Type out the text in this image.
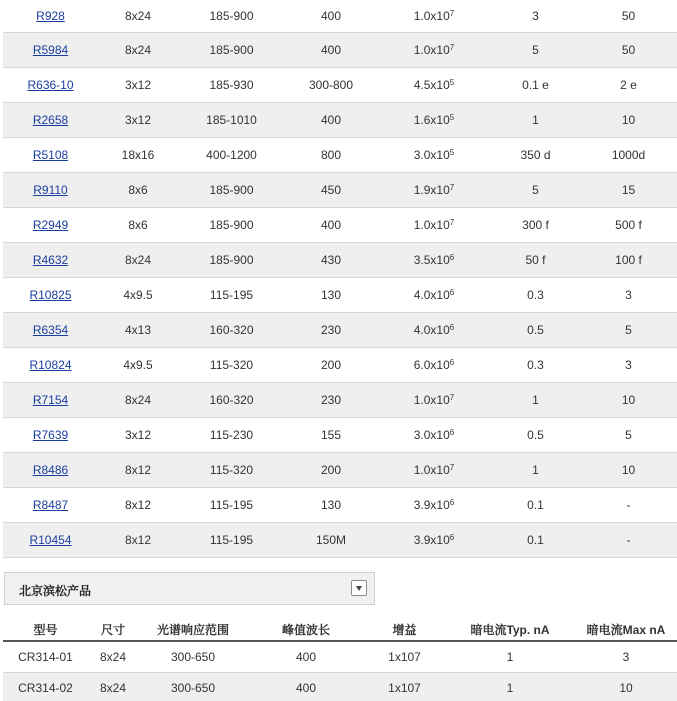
R928	8x24	185-900	400	$1.0x10^7$	3	50
R5984	8x24	185-900	400	$1.0x10^7$	5	50
R636-10	3x12	185-930	300-800	$4.5x10^5$	0.1 e	2 e
R2658	3x12	185-1010	400	$1.6x10^5$	1	10
R5108	18x16	400-1200	800	$3.0x10^5$	350 d	1000d
R9110	8x6	185-900	450	$1.9x10^7$	5	15
R2949	8x6	185-900	400	$1.0x10^7$	300 f	500 f
R4632	8x24	185-900	430	$3.5x10^6$	50 f	100 f
R10825	4x9.5	115-195	130	$4.0x10^6$	0.3	3
R6354	4x13	160-320	230	$4.0x10^6$	0.5	5
R10824	4x9.5	115-320	200	$6.0x10^6$	0.3	3
R7154	8x24	160-320	230	$1.0x10^7$	1	10
R7639	3x12	115-230	155	$3.0x10^6$	0.5	5
R8486	8x12	115-320	200	$1.0x10^7$	1	10
R8487	8x12	115-195	130	$3.9x10^6$	0.1	-
R10454	8x12	115-195	150M	$3.9x10^6$	0.1	-
北京滨松产品
型号	尺寸	光谱响应范围	峰值波长	增益	暗电流Typ. nA	暗电流Max nA
CR314-01	8x24	300-650	400	1x107	1	3
CR314-02	8x24	300-650	400	1x107	1	10
